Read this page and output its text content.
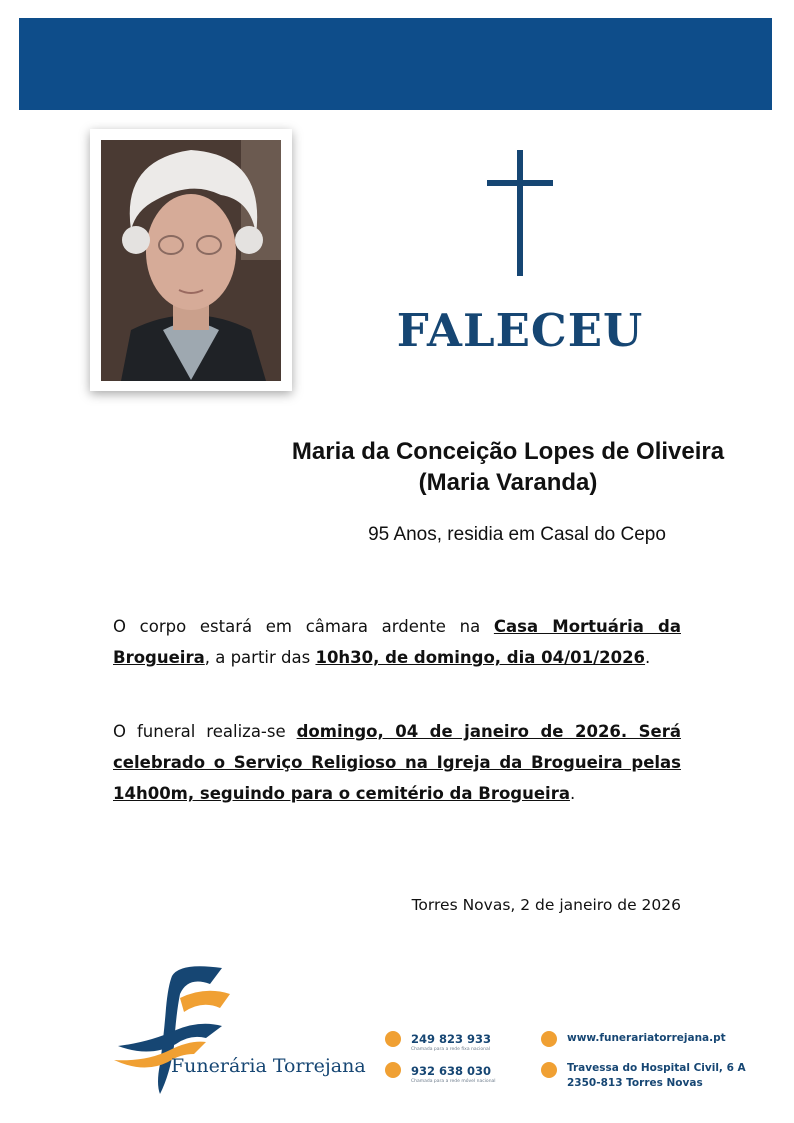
FALECEU
Maria da Conceição Lopes de Oliveira
(Maria Varanda)
95 Anos, residia em Casal do Cepo
O corpo estará em câmara ardente na Casa Mortuária da Brogueira, a partir das 10h30, de domingo, dia 04/01/2026.
O funeral realiza-se domingo, 04 de janeiro de 2026. Será celebrado o Serviço Religioso na Igreja da Brogueira pelas 14h00m, seguindo para o cemitério da Brogueira.
Torres Novas, 2 de janeiro de 2026
Funerária Torrejana
249 823 933
Chamada para a rede fixa nacional
932 638 030
Chamada para a rede móvel nacional
www.funerariatorrejana.pt
Travessa do Hospital Civil, 6 A
2350-813 Torres Novas
